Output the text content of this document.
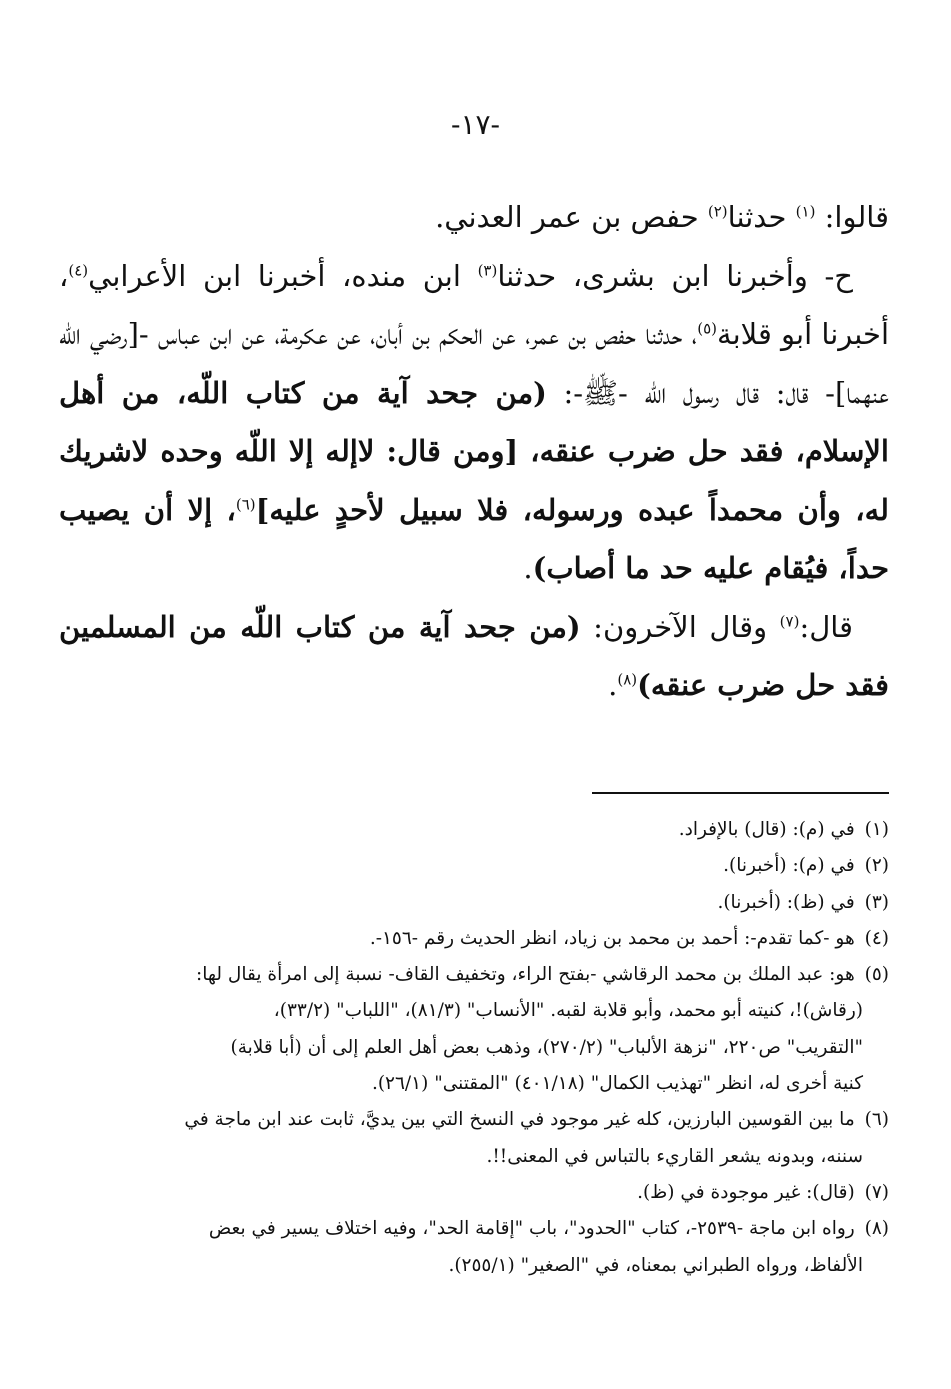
-١٧-

قالوا: $^{(١)}$ حدثنا$^{(٢)}$ حفص بن عمر العدني.

ح- وأخبرنا ابن بشرى، حدثنا$^{(٣)}$ ابن منده، أخبرنا ابن الأعرابي$^{(٤)}$، أخبرنا أبو قلابة$^{(٥)}$، حدثنا حفص بن عمر، عن الحكم بن أبان، عن عكرمة، عن ابن عباس -[رضي اللّه عنهما]- قال: قال رسول اللّه -ﷺ-: (من جحد آية من كتاب اللّه، من أهل الإسلام، فقد حل ضرب عنقه، [ومن قال: لاإله إلا اللّه وحده لاشريك له، وأن محمداً عبده ورسوله، فلا سبيل لأحدٍ عليه]$^{(٦)}$، إلا أن يصيب حداً، فيُقام عليه حد ما أصاب).

قال:$^{(٧)}$ وقال الآخرون: (من جحد آية من كتاب اللّه من المسلمين فقد حل ضرب عنقه)$^{(٨)}$.

(١) في (م): (قال) بالإفراد.

(٢) في (م): (أخبرنا).

(٣) في (ظ): (أخبرنا).

(٤) هو -كما تقدم-: أحمد بن محمد بن زياد، انظر الحديث رقم -١٥٦-.

(٥) هو: عبد الملك بن محمد الرقاشي -بفتح الراء، وتخفيف القاف- نسبة إلى امرأة يقال لها:

(رقاش)!، كنيته أبو محمد، وأبو قلابة لقبه. "الأنساب" (٨١/٣)، "اللباب" (٣٣/٢)،

"التقريب" ص٢٢٠، "نزهة الألباب" (٢٧٠/٢)، وذهب بعض أهل العلم إلى أن (أبا قلابة)

كنية أخرى له، انظر "تهذيب الكمال" (٤٠١/١٨) "المقتنى" (٢٦/١).

(٦) ما بين القوسين البارزين، كله غير موجود في النسخ التي بين يديَّ، ثابت عند ابن ماجة في

سننه، وبدونه يشعر القاريء بالتباس في المعنى!!.

(٧) (قال): غير موجودة في (ظ).

(٨) رواه ابن ماجة -٢٥٣٩-، كتاب "الحدود"، باب "إقامة الحد"، وفيه اختلاف يسير في بعض

الألفاظ، ورواه الطبراني بمعناه، في "الصغير" (٢٥٥/١).
